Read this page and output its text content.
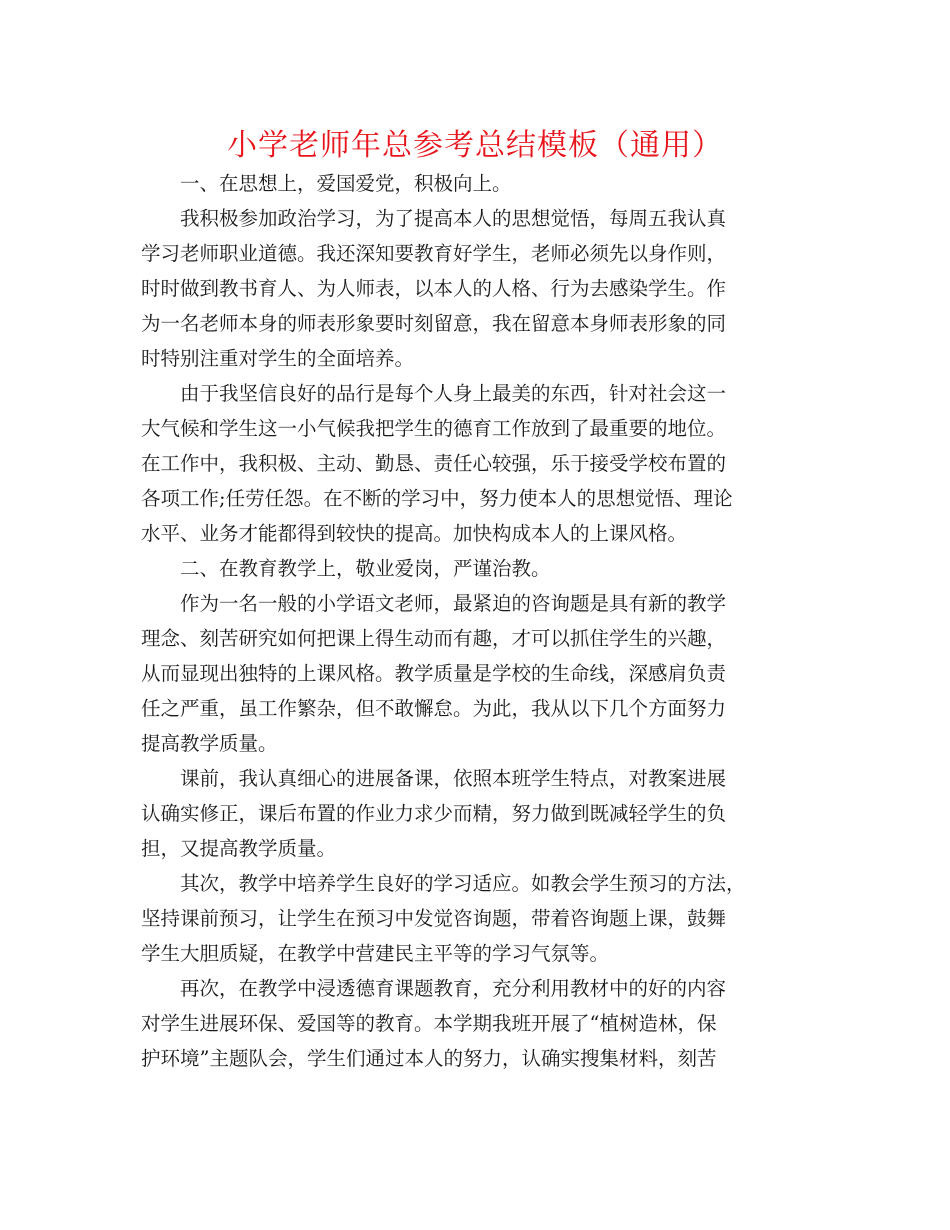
小学老师年总参考总结模板（通用）

一、在思想上，爱国爱党，积极向上。

我积极参加政治学习，为了提高本人的思想觉悟，每周五我认真
学习老师职业道德。我还深知要教育好学生，老师必须先以身作则，
时时做到教书育人、为人师表，以本人的人格、行为去感染学生。作
为一名老师本身的师表形象要时刻留意，我在留意本身师表形象的同
时特别注重对学生的全面培养。

由于我坚信良好的品行是每个人身上最美的东西，针对社会这一
大气候和学生这一小气候我把学生的德育工作放到了最重要的地位。
在工作中，我积极、主动、勤恳、责任心较强，乐于接受学校布置的
各项工作;任劳任怨。在不断的学习中，努力使本人的思想觉悟、理论
水平、业务才能都得到较快的提高。加快构成本人的上课风格。

二、在教育教学上，敬业爱岗，严谨治教。

作为一名一般的小学语文老师，最紧迫的咨询题是具有新的教学
理念、刻苦研究如何把课上得生动而有趣，才可以抓住学生的兴趣，
从而显现出独特的上课风格。教学质量是学校的生命线，深感肩负责
任之严重，虽工作繁杂，但不敢懈怠。为此，我从以下几个方面努力
提高教学质量。

课前，我认真细心的进展备课，依照本班学生特点，对教案进展
认确实修正，课后布置的作业力求少而精，努力做到既减轻学生的负
担，又提高教学质量。

其次，教学中培养学生良好的学习适应。如教会学生预习的方法，
坚持课前预习，让学生在预习中发觉咨询题，带着咨询题上课，鼓舞
学生大胆质疑，在教学中营建民主平等的学习气氛等。

再次，在教学中浸透德育课题教育，充分利用教材中的好的内容
对学生进展环保、爱国等的教育。本学期我班开展了“植树造林，保
护环境”主题队会，学生们通过本人的努力，认确实搜集材料，刻苦
